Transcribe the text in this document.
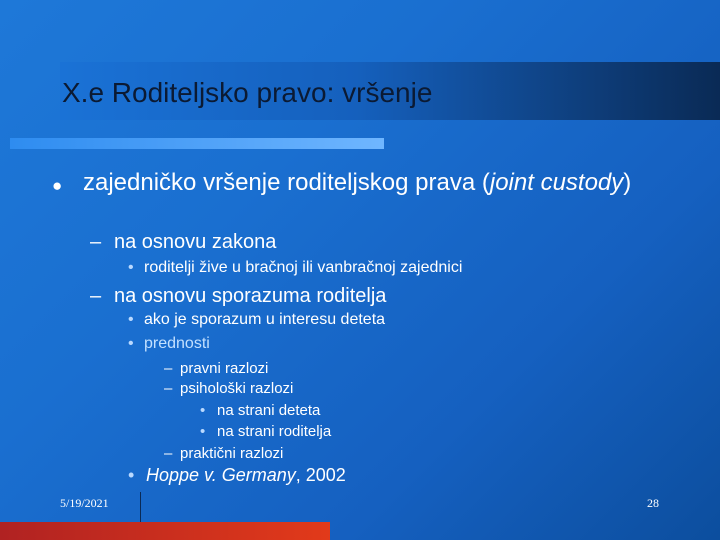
X.e Roditeljsko pravo: vršenje
● zajedničko vršenje roditeljskog prava (joint custody)
– na osnovu zakona
• roditelji žive u bračnoj ili vanbračnoj zajednici
– na osnovu sporazuma roditelja
• ako je sporazum u interesu deteta
• prednosti
– pravni razlozi
– psihološki razlozi
• na strani deteta
• na strani roditelja
– praktični razlozi
• Hoppe v. Germany, 2002
5/19/2021	28
